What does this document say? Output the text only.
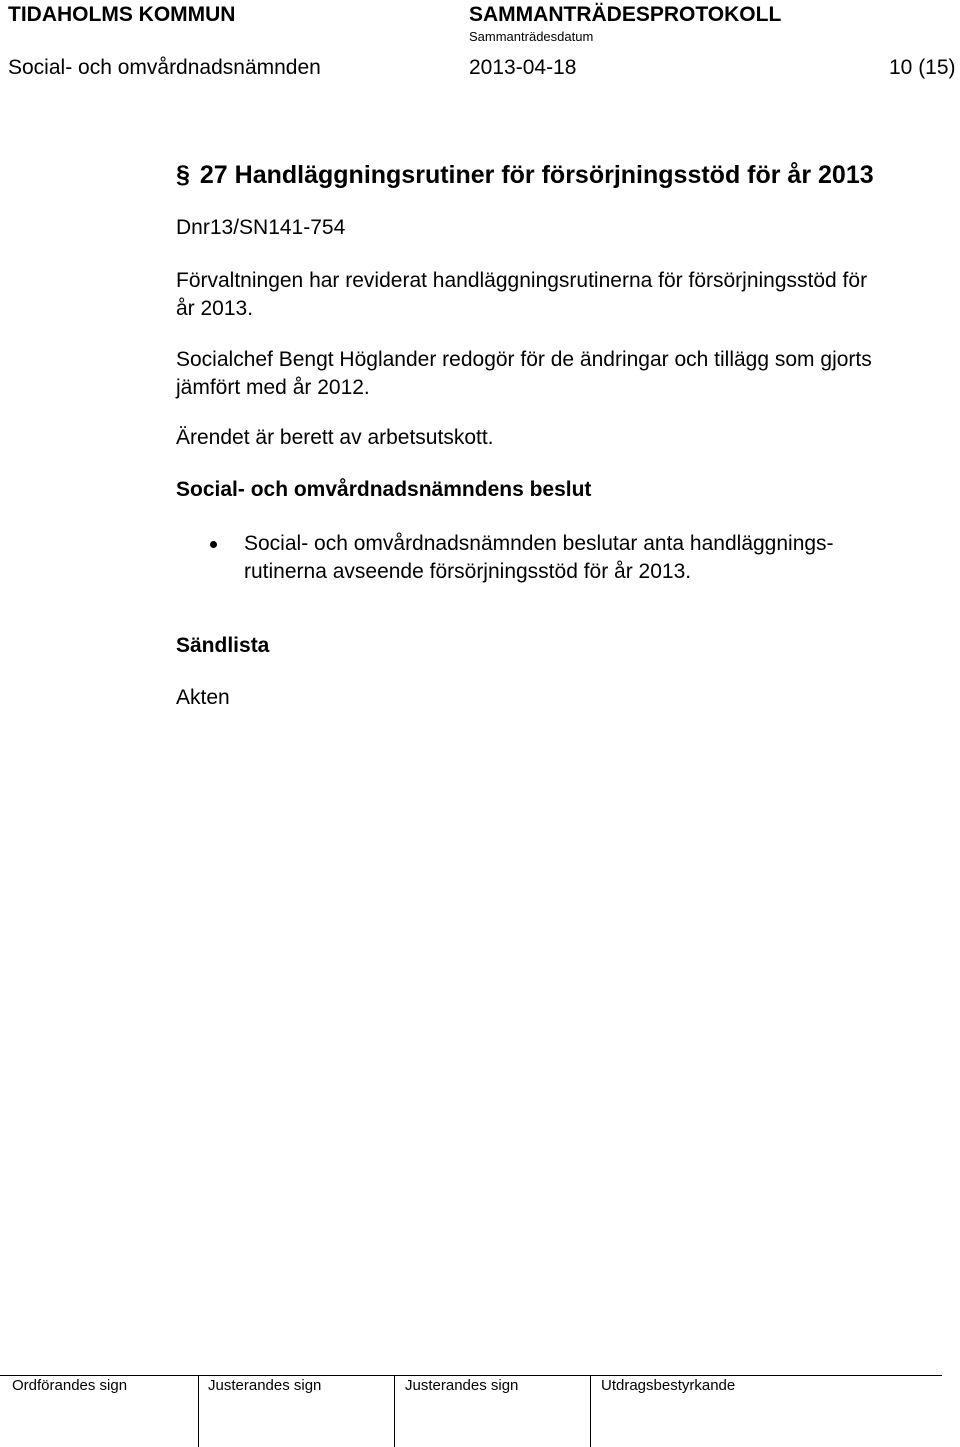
TIDAHOLMS KOMMUN	SAMMANTRÄDESPROTOKOLL
Sammanträdesdatum
Social- och omvårdnadsnämnden	2013-04-18	10 (15)
§ 27 Handläggningsrutiner för försörjningsstöd för år 2013
Dnr13/SN141-754
Förvaltningen har reviderat handläggningsrutinerna för försörjningsstöd för
år 2013.
Socialchef Bengt Höglander redogör för de ändringar och tillägg som gjorts
jämfört med år 2012.
Ärendet är berett av arbetsutskott.
Social- och omvårdnadsnämndens beslut
Social- och omvårdnadsnämnden beslutar anta handläggnings-
rutinerna avseende försörjningsstöd för år 2013.
Sändlista
Akten
Ordförandes sign	Justerandes sign	Justerandes sign	Utdragsbestyrkande
